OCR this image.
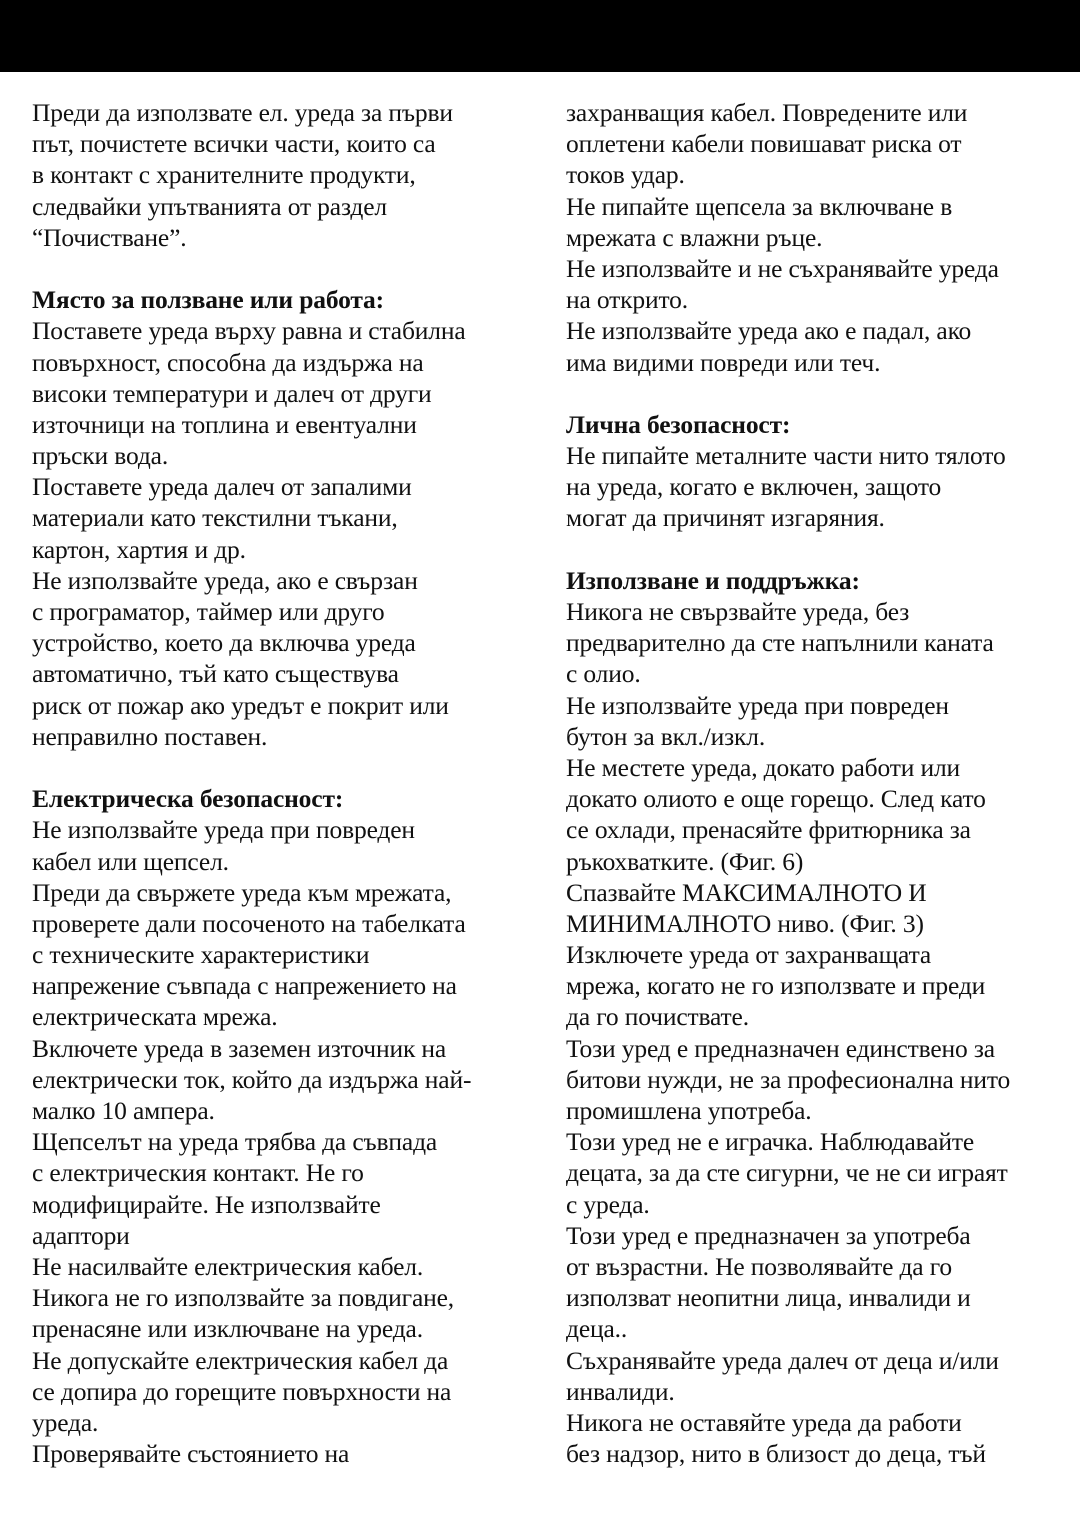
Преди да използвате ел. уреда за първи
път, почистете всички части, които са
в контакт с хранителните продукти,
следвайки упътванията от раздел
“Почистване”.
Място за ползване или работа:
Поставете уреда върху равна и стабилна
повърхност, способна да издържа на
високи температури и далеч от други
източници на топлина и евентуални
пръски вода.
Поставете уреда далеч от запалими
материали като текстилни тъкани,
картон, хартия и др.
Не използвайте уреда, ако е свързан
с програматор, таймер или друго
устройство, което да включва уреда
автоматично, тъй като съществува
риск от пожар ако уредът е покрит или
неправилно поставен.
Електрическа безопасност:
Не използвайте уреда при повреден
кабел или щепсел.
Преди да свържете уреда към мрежата,
проверете дали посоченото на табелката
с техническите характеристики
напрежение съвпада с напрежението на
електрическата мрежа.
Включете уреда в заземен източник на
електрически ток, който да издържа най-
малко 10 ампера.
Щепселът на уреда трябва да съвпада
с електрическия контакт. Не го
модифицирайте. Не използвайте
адаптори
Не насилвайте електрическия кабел.
Никога не го използвайте за повдигане,
пренасяне или изключване на уреда.
Не допускайте електрическия кабел да
се допира до горещите повърхности на
уреда.
Проверявайте състоянието на
захранващия кабел. Повредените или
оплетени кабели повишават риска от
токов удар.
Не пипайте щепсела за включване в
мрежата с влажни ръце.
Не използвайте и не съхранявайте уреда
на открито.
Не използвайте уреда ако е падал, ако
има видими повреди или теч.
Лична безопасност:
Не пипайте металните части нито тялото
на уреда, когато е включен, защото
могат да причинят изгаряния.
Използване и поддръжка:
Никога не свързвайте уреда, без
предварително да сте напълнили каната
с олио.
Не използвайте уреда при повреден
бутон за вкл./изкл.
Не местете уреда, докато работи или
докато олиото е още горещо. След като
се охлади, пренасяйте фритюрника за
ръкохватките. (Фиг. 6)
Спазвайте МАКСИМАЛНОТО И
МИНИМАЛНОТО ниво. (Фиг. 3)
Изключете уреда от захранващата
мрежа, когато не го използвате и преди
да го почиствате.
Този уред е предназначен единствено за
битови нужди, не за професионална нито
промишлена употреба.
Този уред не е играчка. Наблюдавайте
децата, за да сте сигурни, че не си играят
с уреда.
Този уред е предназначен за употреба
от възрастни. Не позволявайте да го
използват неопитни лица, инвалиди и
деца..
Съхранявайте уреда далеч от деца и/или
инвалиди.
Никога не оставяйте уреда да работи
без надзор, нито в близост до деца, тъй
